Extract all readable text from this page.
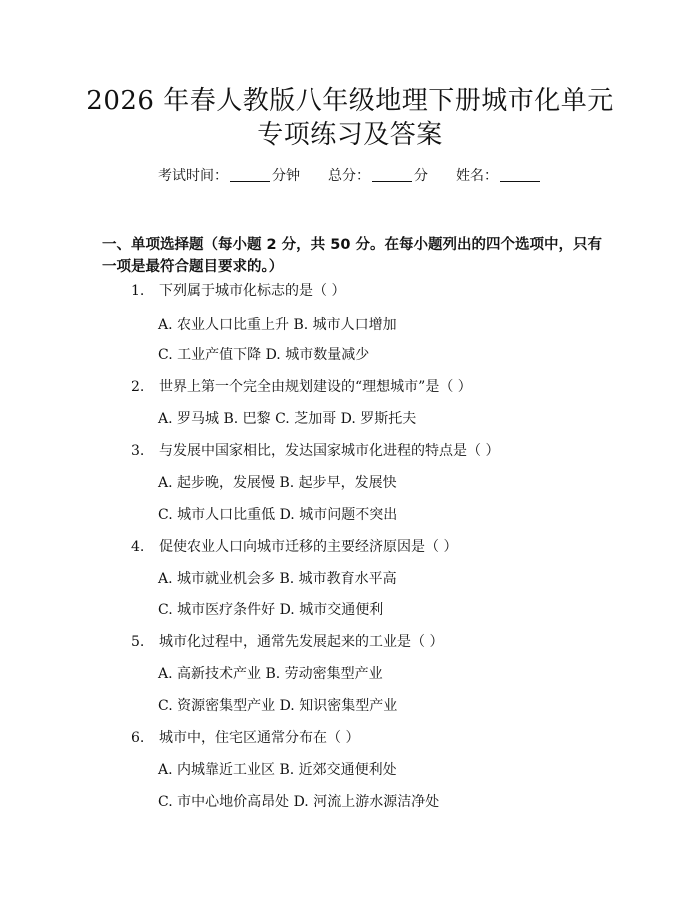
2026 年春人教版八年级地理下册城市化单元
专项练习及答案
考试时间：	分钟 总分：	分 姓名：
一、单项选择题（每小题 2 分，共 50 分。在每小题列出的四个选项中，只有一项是最符合题目要求的。）
1. 下列属于城市化标志的是（ ）
A. 农业人口比重上升 B. 城市人口增加
C. 工业产值下降 D. 城市数量减少
2. 世界上第一个完全由规划建设的“理想城市”是（ ）
A. 罗马城 B. 巴黎 C. 芝加哥 D. 罗斯托夫
3. 与发展中国家相比，发达国家城市化进程的特点是（ ）
A. 起步晚，发展慢 B. 起步早，发展快
C. 城市人口比重低 D. 城市问题不突出
4. 促使农业人口向城市迁移的主要经济原因是（ ）
A. 城市就业机会多 B. 城市教育水平高
C. 城市医疗条件好 D. 城市交通便利
5. 城市化过程中，通常先发展起来的工业是（ ）
A. 高新技术产业 B. 劳动密集型产业
C. 资源密集型产业 D. 知识密集型产业
6. 城市中，住宅区通常分布在（ ）
A. 内城靠近工业区 B. 近郊交通便利处
C. 市中心地价高昂处 D. 河流上游水源洁净处
